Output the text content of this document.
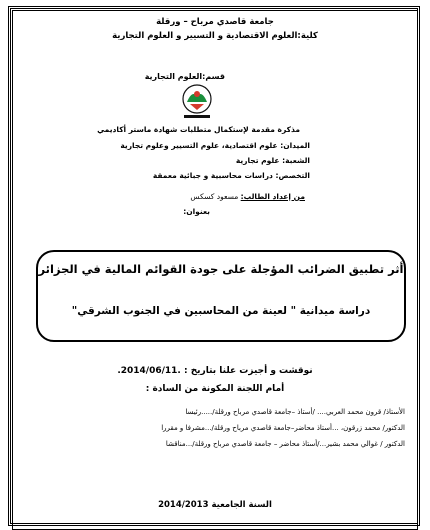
جامعة قاصدي مرباح – ورقلة
كلية:العلوم الاقتصادية و التسيير و العلوم التجارية
قسم:العلوم التجارية
مذكرة مقدمة لإستكمال متطلبات شهادة ماستر أكاديمي
الميدان: علوم اقتصادية، علوم التسيير وعلوم تجارية
الشعبة: علوم تجارية
التخصص: دراسات محاسبية و جبائية معمقة
من إعداد الطالب: مسعود كسكس
بعنوان:
أثر تطبيق الضرائب المؤجلة على جودة القوائم المالية في الجزائر
دراسة ميدانية " لعينة من المحاسبين في الجنوب الشرقي"
نوقشت و أجيزت علنا بتاريخ : .2014/06/11.
أمام اللجنة المكونة من السادة :
الأستاذ/ قرون محمد العربي.... /أستاذ –جامعة قاصدي مرباح ورقلة/.....رئيسا
الدكتور/ محمد زرقون، ...أستاذ محاضر–جامعة قاصدي مرباح ورقلة/...مشرفا و مقررا
الدكتور / غوالي محمد بشير.../أستاذ محاضر – جامعة قاصدي مرباح ورقلة/...مناقشا
السنة الجامعية 2014/2013
